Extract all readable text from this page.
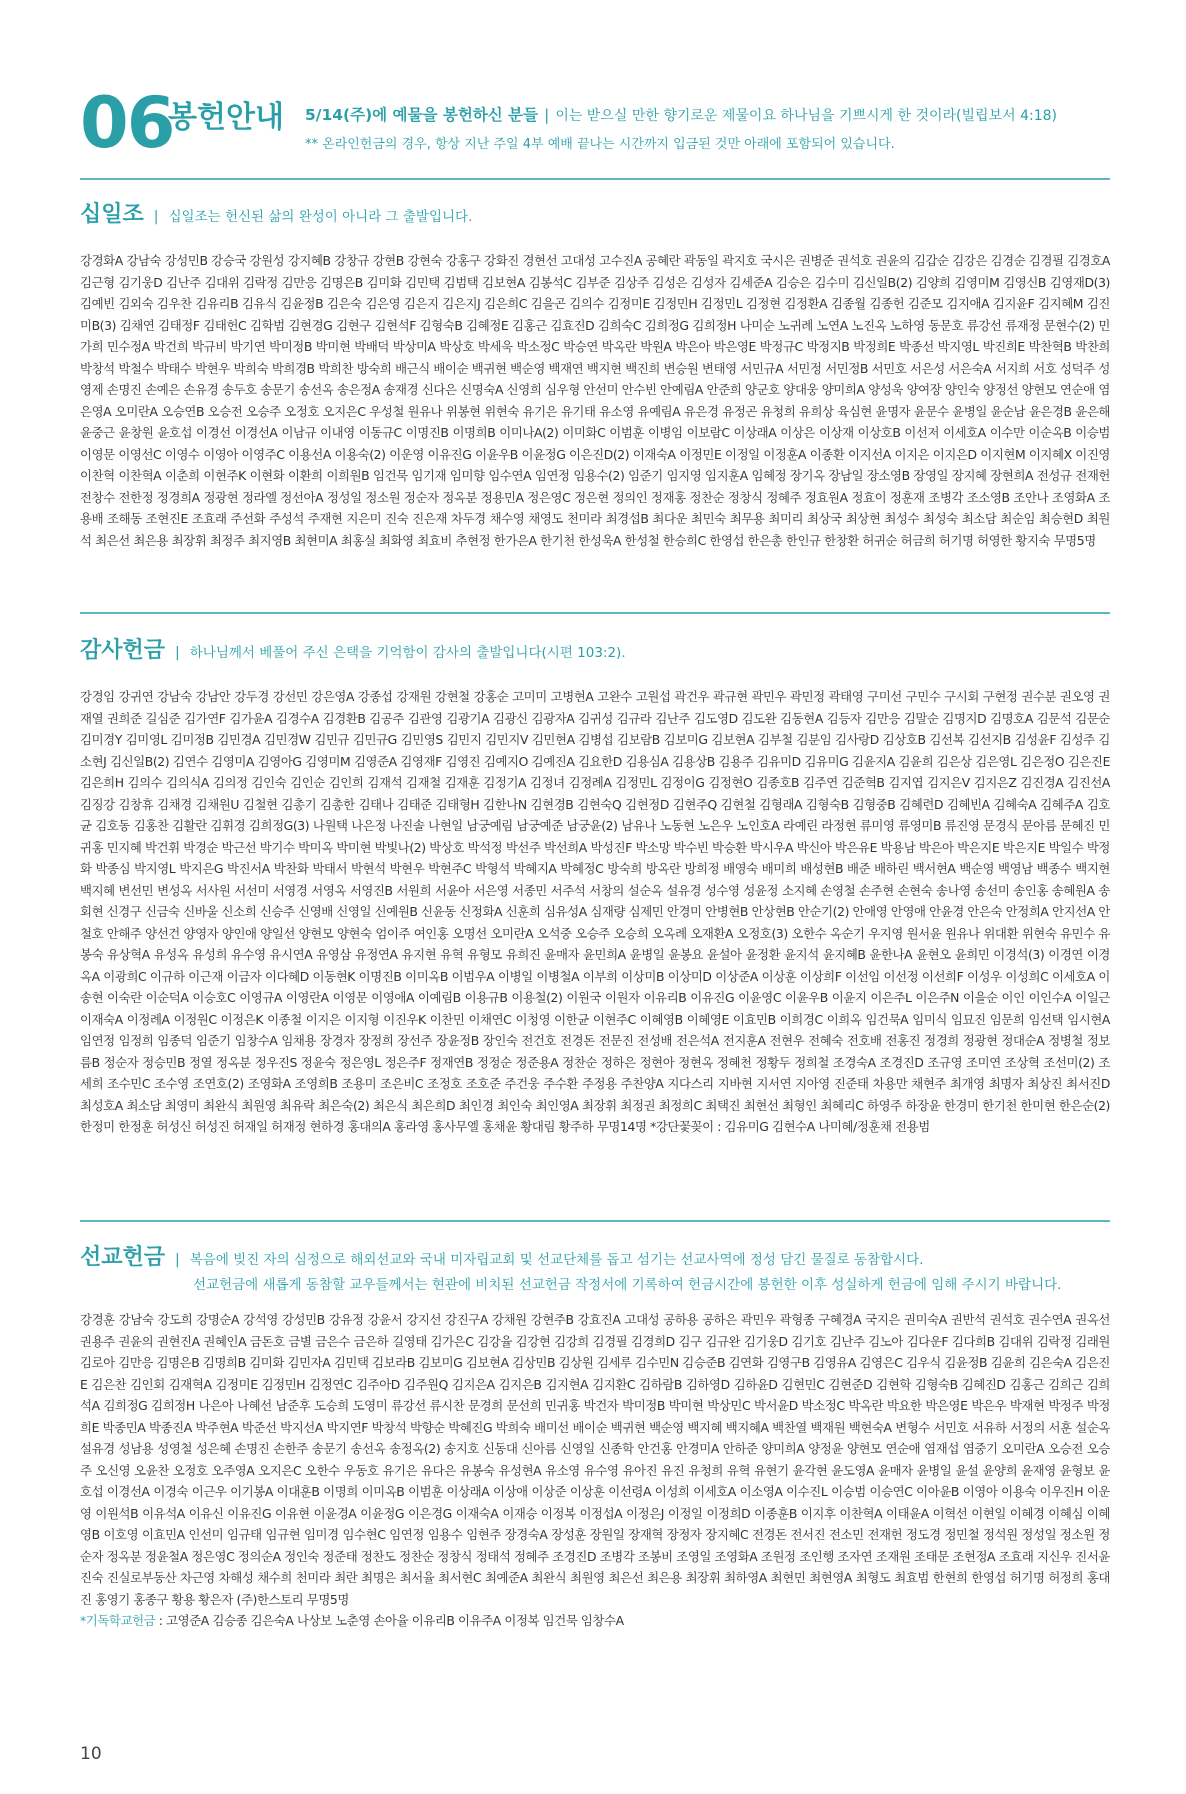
06
봉헌안내 5/14(주)에 예물을 봉헌하신 분들 | 이는 받으실 만한 향기로운 제물이요 하나님을 기쁘시게 한 것이라(빌립보서 4:18)
** 온라인헌금의 경우, 항상 지난 주일 4부 예배 끝나는 시간까지 입금된 것만 아래에 포함되어 있습니다.
십일조 | 십일조는 헌신된 삶의 완성이 아니라 그 출발입니다.
강경화A 강남숙 강성민B 강승국 강원성 강지혜B 강창규 강현B 강현숙 강홍구 강화진 경현선 고대성 고수진A 공혜란 곽동일 곽지호 국시은 권병준 권석호 권윤의 김갑순 김강은 김경순 김경필 김경호A 김근형 김기웅D 김난주 김대위 김락정 김만응 김명은B 김미화 김민택 김범택 김보현A 김봉석C 김부준 김상주 김성은 김성자 김세준A 김승은 김수미 김신일B(2) 김양희 김영미M 김영신B 김영재D(3) 김예빈 김외숙 김우찬 김유리B 김유식 김윤정B 김은숙 김은영 김은지 김은지J 김은희C 김을곤 김의수 김정미E 김정민H 김정민L 김정현 김정환A 김종월 김종헌 김준모 김지애A 김지윤F 김지혜M 김진미B(3) 김채연 김태정F 김태헌C 김학범 김현경G 김현구 김현석F 김형숙B 김혜정E 김홍근 김효진D 김희숙C 김희정G 김희정H 나미순 노귀례 노연A 노진옥 노하영 동문호 류강선 류재정 문현수(2) 민가희 민수정A 박건희 박규비 박기연 박미정B 박미현 박배덕 박상미A 박상호 박세욱 박소정C 박승연 박옥란 박원A 박은아 박은영E 박정규C 박정지B 박정희E 박종선 박지영L 박진희E 박찬혁B 박찬희 박창석 박철수 박태수 박현우 박희숙 박희경B 박희찬 방숙희 배근식 배이순 백귀현 백순영 백재연 백지현 백진희 변승원 변태영 서민규A 서민정 서민정B 서민호 서은성 서은숙A 서지희 서호 성덕주 성영제 손명진 손예은 손유경 송두호 송문기 송선옥 송은정A 송재경 신다은 신명숙A 신영희 심우형 안선미 안수빈 안예림A 안준희 양군호 양대웅 양미희A 양성욱 양여장 양인숙 양정선 양현모 연순애 염은영A 오미란A 오승연B 오승전 오승주 오정호 오지은C 우성철 원유나 위봉현 위현숙 유기은 유기태 유소영 유예림A 유은경 유정곤 유청희 유희상 육심현 윤명자 윤문수 윤병일 윤순남 윤은경B 윤은해 윤중근 윤창원 윤호섭 이경선 이경선A 이남규 이내영 이동규C 이명진B 이명희B 이미나A(2) 이미화C 이범훈 이병임 이보람C 이상래A 이상은 이상재 이상호B 이선저 이세호A 이수만 이순옥B 이승범 이영문 이영선C 이영수 이영아 이영주C 이용선A 이용숙(2) 이운영 이유진G 이윤우B 이윤정G 이은진D(2) 이재숙A 이정민E 이정일 이정훈A 이종환 이지선A 이지은 이지은D 이지현M 이지혜X 이진영 이찬혁 이찬혁A 이춘희 이현주K 이현화 이환희 이희원B 임건묵 임기재 임미향 임수연A 임연정 임용수(2) 임준기 임지영 임지훈A 임혜정 장기옥 장남일 장소영B 장영일 장지혜 장현희A 전성규 전재헌 전창수 전한정 정경희A 정광현 정라엘 정선아A 정성일 정소원 정순자 정옥분 정용민A 정은영C 정은현 정의인 정재홍 정찬순 정창식 정혜주 정효원A 정효이 정훈재 조병각 조소영B 조안나 조영화A 조용배 조해동 조현진E 조효래 주선화 주성석 주재현 지은미 진숙 진은재 차두경 채수영 채영도 천미라 최경섭B 최다운 최민숙 최무용 최미리 최상국 최상현 최성수 최성숙 최소담 최순임 최승현D 최원석 최은선 최은용 최장휘 최정주 최지영B 최현미A 최홍실 최화영 최효비 추현정 한가은A 한기천 한성욱A 한성철 한승희C 한영섭 한은총 한인규 한창환 허귀순 허금희 허기명 허영한 황지숙 무명5명
감사헌금 | 하나님께서 베풀어 주신 은택을 기억함이 감사의 출발입니다(시편 103:2).
강경임 강귀연 강남숙 강남안 강두경 강선민 강은영A 강종섭 강재원 강현철 강홍순 고미미 고병현A 고완수 고원섭 곽건우 곽규현 곽민우 곽민정 곽태영 구미선 구민수 구시회 구현정 권수분 권오영 권재열 권희준 길심준 김가연F 김가윤A 김경수A 김경환B 김공주 김관영 김광기A 김광신 김광자A 김귀성 김규라 김난주 김도영D 김도완 김동현A 김등자 김만응 김말순 김명지D 김명호A 김문석 김문순 김미경Y 김미영L 김미정B 김민경A 김민경W 김민규 김민규G 김민영S 김민지 김민지V 김민현A 김병섭 김보람B 김보미G 김보현A 김부철 김분임 김사랑D 김상호B 김선복 김선지B 김성윤F 김성주 김소현J 김신일B(2) 김연수 김영미A 김영아G 김영미M 김영준A 김영재F 김영진 김예지O 김예진A 김요한D 김용심A 김용상B 김용주 김유미D 김유미G 김윤지A 김윤희 김은상 김은영L 김은정O 김은진E 김은희H 김의수 김의식A 김의정 김인숙 김인순 김인희 김재석 김재철 김재훈 김정기A 김정녀 김정례A 김정민L 김정이G 김정현O 김종호B 김주연 김준혁B 김지엽 김지은V 김지은Z 김진경A 김진선A 김징강 김창휴 김채경 김채원U 김철현 김총기 김총한 김태나 김태준 김태형H 김한나N 김현경B 김현숙Q 김현정D 김현주Q 김현철 김형래A 김형숙B 김형중B 김혜련D 김혜빈A 김혜숙A 김혜주A 김호균 김호동 김홍찬 김활란 김휘경 김희정G(3) 나원택 나은정 나진솔 나현일 남궁예림 남궁예준 남궁윤(2) 남유나 노동현 노은우 노인호A 라예린 라정현 류미영 류영미B 류진영 문경식 문아름 문혜진 민귀홍 민지혜 박건휘 박경순 박근선 박기수 박미옥 박미현 박빛나(2) 박상호 박석정 박선주 박선희A 박성진F 박소망 박수빈 박승환 박시우A 박신아 박은유E 박용남 박은아 박은지E 박은지E 박일수 박정화 박종심 박지영L 박지은G 박진서A 박찬화 박태서 박현석 박현우 박현주C 박형석 박혜지A 박혜정C 방숙희 방옥란 방희정 배영숙 배미희 배성현B 배준 배하린 백서현A 백순영 백영남 백종수 백지현 백지혜 변선민 변성옥 서사원 서선미 서영경 서영옥 서영진B 서원희 서윤아 서은영 서종민 서주석 서창의 설순옥 설유경 성수영 성윤정 소지혜 손영철 손주현 손현숙 송나영 송선미 송인홍 송혜원A 송회현 신경구 신금숙 신바울 신소희 신승주 신영배 신영일 신예원B 신윤동 신정화A 신훈희 심유성A 심재량 심제민 안경미 안병현B 안상현B 안순기(2) 안애영 안영애 안윤경 안은숙 안정희A 안지선A 안철호 안해주 양선건 양영자 양인애 양일선 양현모 양현숙 엄이주 여인홍 오명선 오미란A 오석중 오승주 오승희 오옥례 오재환A 오정호(3) 오한수 옥순기 우지영 원서윤 원유나 위대환 위현숙 유민수 유봉숙 유상혁A 유성옥 유성희 유수영 유시연A 유영삼 유정연A 유지현 유혁 유형모 유희진 윤매자 윤민희A 윤병일 윤봉요 윤설아 윤정환 윤지석 윤지혜B 윤한나A 윤현오 윤희민 이경석(3) 이경연 이경옥A 이광희C 이규하 이근재 이금자 이다혜D 이동현K 이명진B 이미옥B 이범우A 이병일 이병철A 이부희 이상미B 이상미D 이상준A 이상훈 이상희F 이선임 이선정 이선희F 이성우 이성희C 이세호A 이송현 이숙란 이순덕A 이승호C 이영규A 이영란A 이영문 이영애A 이예림B 이용규B 이용철(2) 이원국 이원자 이유리B 이유진G 이윤영C 이윤우B 이윤지 이은주L 이은주N 이을순 이인 이인수A 이일근 이재숙A 이정례A 이정원C 이정은K 이종철 이지은 이지형 이진우K 이찬민 이채연C 이청영 이한균 이현주C 이혜영B 이혜영E 이효민B 이희경C 이희옥 임건묵A 임미식 임묘진 임문희 임선택 임시현A 임연정 임정희 임종덕 임준기 임창수A 임채용 장경자 장정희 장선주 장윤정B 장인숙 전건호 전경돈 전문진 전성배 전은석A 전지훈A 전현우 전혜숙 전호배 전홍진 정경희 정광현 정대순A 정병철 정보름B 정순자 정승민B 정열 정옥분 정우진S 정윤숙 정은영L 정은주F 정재연B 정정순 정준용A 정찬순 정하은 정현아 정현옥 정혜천 정황두 정희철 조경숙A 조경진D 조규영 조미연 조상혁 조선미(2) 조세희 조수민C 조수영 조연호(2) 조영화A 조영희B 조용미 조은비C 조정호 조호준 주건웅 주수환 주정용 주찬양A 지다스리 지바현 지서연 지아영 진준태 차용만 채현주 최개영 최명자 최상진 최서진D 최성호A 최소담 최영미 최완식 최원영 최유락 최은숙(2) 최은식 최은희D 최인경 최인숙 최인영A 최장휘 최정권 최정희C 최택진 최현선 최형인 최혜리C 하영주 하장윤 한경미 한기천 한미현 한은순(2) 한정미 한정훈 허성신 허성진 허재일 허재정 현하경 홍대의A 홍라영 홍사무엘 홍채윤 황대림 황주하 무명14명 *강단꽃꽂이 : 김유미G 김현수A 나미혜/정훈채 전용범
선교헌금 | 복음에 빚진 자의 심정으로 해외선교와 국내 미자립교회 및 선교단체를 돕고 섬기는 선교사역에 정성 담긴 물질로 동참합시다.
선교헌금에 새롭게 동참할 교우들께서는 현관에 비치된 선교헌금 작정서에 기록하여 헌금시간에 봉헌한 이후 성실하게 헌금에 임해 주시기 바랍니다.
강경훈 강남숙 강도희 강명순A 강석영 강성민B 강유정 강윤서 강지선 강진구A 강채원 강현주B 강효진A 고대성 공하용 공하은 곽민우 곽형종 구혜경A 국지은 권미숙A 권반석 권석호 권수연A 권옥선 권용주 권윤의 권현진A 권혜인A 금돈호 금별 금은수 금은하 길영태 김가은C 김강율 김강현 김강희 김경필 김경희D 김구 김규완 김기웅D 김기호 김난주 김노아 김다운F 김다희B 김대위 김락정 김래원 김로아 김만응 김명은B 김명희B 김미화 김민자A 김민택 김보라B 김보미G 김보현A 김상민B 김상원 김세루 김수민N 김승준B 김연화 김영구B 김영유A 김영은C 김우식 김윤정B 김윤희 김은숙A 김은진E 김은찬 김인회 김재혁A 김정미E 김정민H 김정연C 김주아D 김주원Q 김지은A 김지은B 김지현A 김지환C 김하람B 김하영D 김하윤D 김현민C 김현준D 김현학 김형숙B 김혜진D 김홍근 김희근 김희석A 김희정G 김희정H 나은아 나혜선 남준후 도승희 도영미 류강선 류시찬 문경희 문선희 민귀홍 박건자 박미정B 박미현 박상민C 박서윤D 박소정C 박옥란 박요한 박은영E 박은우 박재현 박정주 박정희E 박종민A 박종진A 박주현A 박준선 박지선A 박지연F 박창석 박향순 박혜진G 박희숙 배미선 배이순 백귀현 백순영 백지혜 백지혜A 백찬열 백재원 백현숙A 변형수 서민호 서유하 서정의 서훈 설순옥 설유경 성남용 성영철 성은혜 손명진 손한주 송문기 송선옥 송정옥(2) 송지호 신동대 신아름 신영일 신종학 안건홍 안경미A 안하준 양미희A 양정윤 양현모 연순애 염재섭 염중기 오미란A 오승전 오승주 오신영 오윤찬 오정호 오주영A 오지은C 오한수 우동호 유기은 유다은 유봉숙 유성현A 유소영 유수영 유아진 유진 유청희 유혁 유현기 윤각현 윤도영A 윤매자 윤병일 윤설 윤양희 윤재영 윤형보 윤호섭 이경선A 이경숙 이근우 이기봉A 이대훈B 이명희 이미옥B 이범훈 이상래A 이상애 이상준 이상훈 이선령A 이성희 이세호A 이소영A 이수진L 이승범 이승연C 이아윤B 이영아 이용숙 이우진H 이운영 이원석B 이유석A 이유신 이유진G 이유현 이윤경A 이윤정G 이은경G 이재숙A 이재승 이정복 이정섭A 이정은J 이정일 이정희D 이종훈B 이지후 이찬혁A 이태윤A 이혁선 이현일 이혜경 이혜심 이혜영B 이호영 이효민A 인선미 임규태 임규현 임미경 임수현C 임연정 임용수 임현주 장경숙A 장성훈 장원일 장재혁 장정자 장지혜C 전경돈 전서진 전소민 전재헌 정도경 정민철 정석원 정성일 정소원 정순자 정옥분 정윤철A 정은영C 정의순A 정인숙 정준태 정찬도 정찬순 정창식 정태석 정혜주 조경진D 조병각 조봉비 조영일 조영화A 조원정 조인행 조자연 조재원 조태문 조현정A 조효래 지신우 진서윤 진숙 진실로부동산 차근영 차해성 채수희 천미라 최란 최명은 최서율 최서현C 최예준A 최완식 최원영 최은선 최은용 최장휘 최하영A 최현민 최현영A 최형도 최효범 한현희 한영섭 허기명 허정희 홍대진 홍영기 홍종구 황용 황은자 (주)한스토리 무명5명
*기독학교헌금 : 고영준A 김승종 김은숙A 나상보 노춘영 손아율 이유리B 이유주A 이정복 임건묵 임창수A
10
